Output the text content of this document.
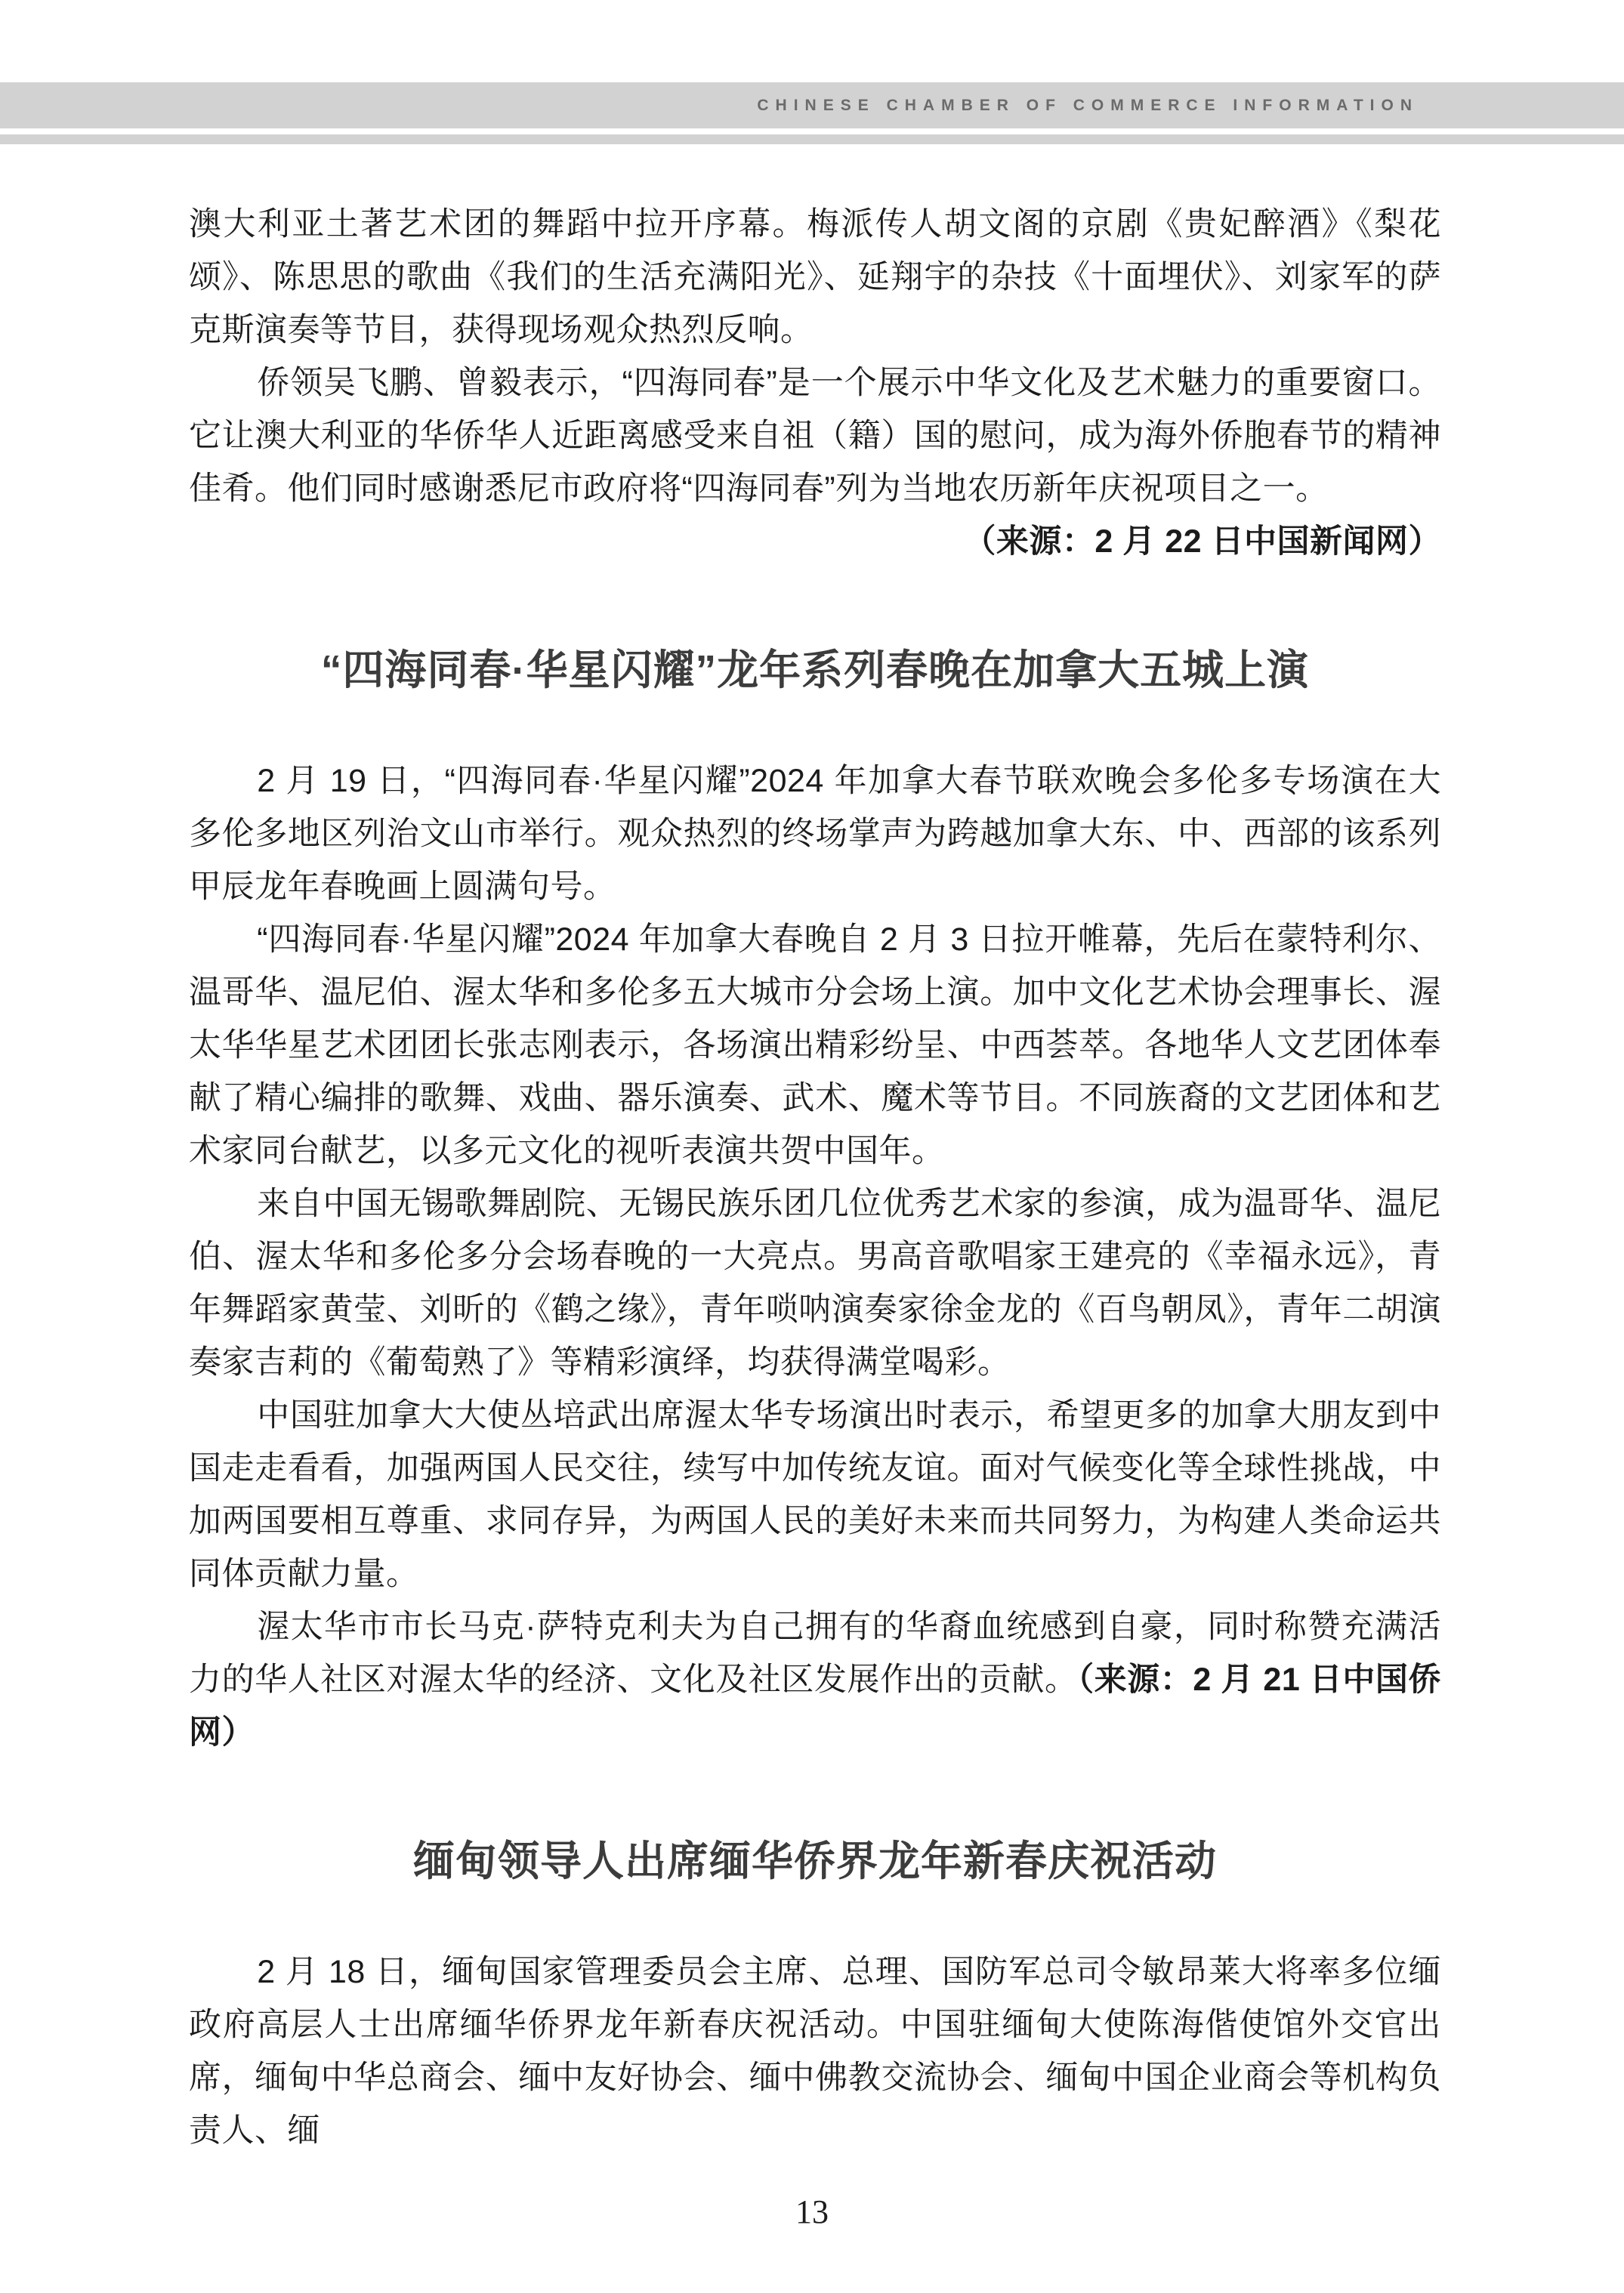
CHINESE CHAMBER OF COMMERCE INFORMATION

澳大利亚土著艺术团的舞蹈中拉开序幕。梅派传人胡文阁的京剧《贵妃醉酒》《梨花颂》、陈思思的歌曲《我们的生活充满阳光》、延翔宇的杂技《十面埋伏》、刘家军的萨克斯演奏等节目，获得现场观众热烈反响。

侨领吴飞鹏、曾毅表示，“四海同春”是一个展示中华文化及艺术魅力的重要窗口。它让澳大利亚的华侨华人近距离感受来自祖（籍）国的慰问，成为海外侨胞春节的精神佳肴。他们同时感谢悉尼市政府将“四海同春”列为当地农历新年庆祝项目之一。

（来源：2 月 22 日中国新闻网）

“四海同春·华星闪耀”龙年系列春晚在加拿大五城上演

2 月 19 日，“四海同春·华星闪耀”2024 年加拿大春节联欢晚会多伦多专场演在大多伦多地区列治文山市举行。观众热烈的终场掌声为跨越加拿大东、中、西部的该系列甲辰龙年春晚画上圆满句号。

“四海同春·华星闪耀”2024 年加拿大春晚自 2 月 3 日拉开帷幕，先后在蒙特利尔、温哥华、温尼伯、渥太华和多伦多五大城市分会场上演。加中文化艺术协会理事长、渥太华华星艺术团团长张志刚表示，各场演出精彩纷呈、中西荟萃。各地华人文艺团体奉献了精心编排的歌舞、戏曲、器乐演奏、武术、魔术等节目。不同族裔的文艺团体和艺术家同台献艺，以多元文化的视听表演共贺中国年。

来自中国无锡歌舞剧院、无锡民族乐团几位优秀艺术家的参演，成为温哥华、温尼伯、渥太华和多伦多分会场春晚的一大亮点。男高音歌唱家王建亮的《幸福永远》，青年舞蹈家黄莹、刘昕的《鹤之缘》，青年唢呐演奏家徐金龙的《百鸟朝凤》，青年二胡演奏家吉莉的《葡萄熟了》等精彩演绎，均获得满堂喝彩。

中国驻加拿大大使丛培武出席渥太华专场演出时表示，希望更多的加拿大朋友到中国走走看看，加强两国人民交往，续写中加传统友谊。面对气候变化等全球性挑战，中加两国要相互尊重、求同存异，为两国人民的美好未来而共同努力，为构建人类命运共同体贡献力量。

渥太华市市长马克·萨特克利夫为自己拥有的华裔血统感到自豪，同时称赞充满活力的华人社区对渥太华的经济、文化及社区发展作出的贡献。（来源：2 月 21 日中国侨网）

缅甸领导人出席缅华侨界龙年新春庆祝活动

2 月 18 日，缅甸国家管理委员会主席、总理、国防军总司令敏昂莱大将率多位缅政府高层人士出席缅华侨界龙年新春庆祝活动。中国驻缅甸大使陈海偕使馆外交官出席，缅甸中华总商会、缅中友好协会、缅中佛教交流协会、缅甸中国企业商会等机构负责人、缅

13
